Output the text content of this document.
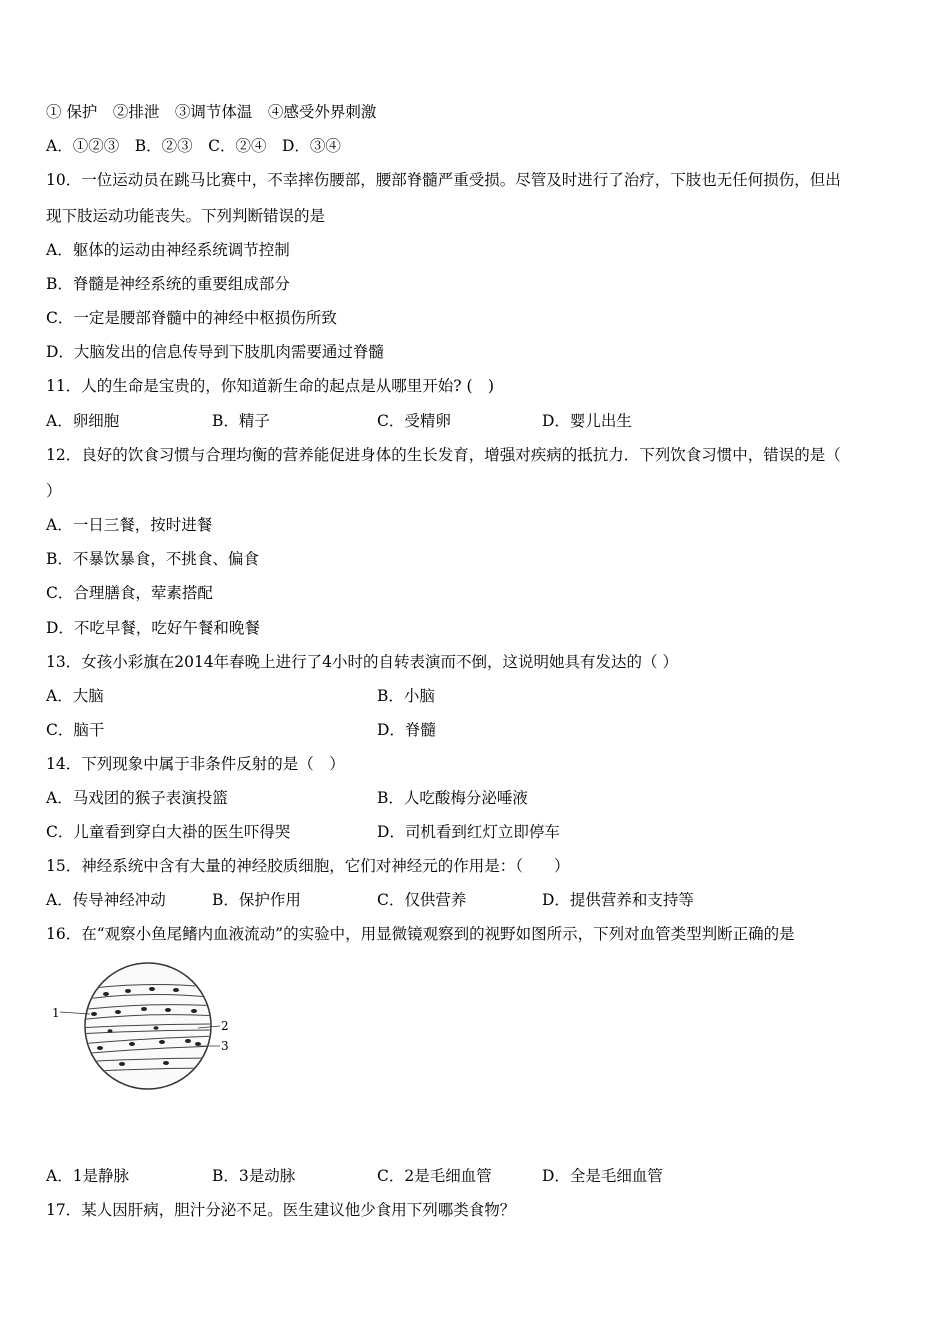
① 保护　②排泄　③调节体温　④感受外界刺激
A．①②③　B．②③　C．②④　D．③④
10．一位运动员在跳马比赛中，不幸摔伤腰部，腰部脊髓严重受损。尽管及时进行了治疗，下肢也无任何损伤，但出
现下肢运动功能丧失。下列判断错误的是
A．躯体的运动由神经系统调节控制
B．脊髓是神经系统的重要组成部分
C．一定是腰部脊髓中的神经中枢损伤所致
D．大脑发出的信息传导到下肢肌肉需要通过脊髓
11．人的生命是宝贵的，你知道新生命的起点是从哪里开始? (　)
A．卵细胞	B．精子	C．受精卵	D．婴儿出生
12．良好的饮食习惯与合理均衡的营养能促进身体的生长发育，增强对疾病的抵抗力．下列饮食习惯中，错误的是（
）
A．一日三餐，按时进餐
B．不暴饮暴食，不挑食、偏食
C．合理膳食，荤素搭配
D．不吃早餐，吃好午餐和晚餐
13．女孩小彩旗在2014年春晚上进行了4小时的自转表演而不倒，这说明她具有发达的（ ）
A．大脑	B．小脑
C．脑干	D．脊髓
14．下列现象中属于非条件反射的是（　）
A．马戏团的猴子表演投篮	B．人吃酸梅分泌唾液
C．儿童看到穿白大褂的医生吓得哭	D．司机看到红灯立即停车
15．神经系统中含有大量的神经胶质细胞，它们对神经元的作用是：（　　）
A．传导神经冲动	B．保护作用	C．仅供营养	D．提供营养和支持等
16．在“观察小鱼尾鳍内血液流动”的实验中，用显微镜观察到的视野如图所示，下列对血管类型判断正确的是
1
2
3
A．1是静脉	B．3是动脉	C．2是毛细血管	D．全是毛细血管
17．某人因肝病，胆汁分泌不足。医生建议他少食用下列哪类食物？
